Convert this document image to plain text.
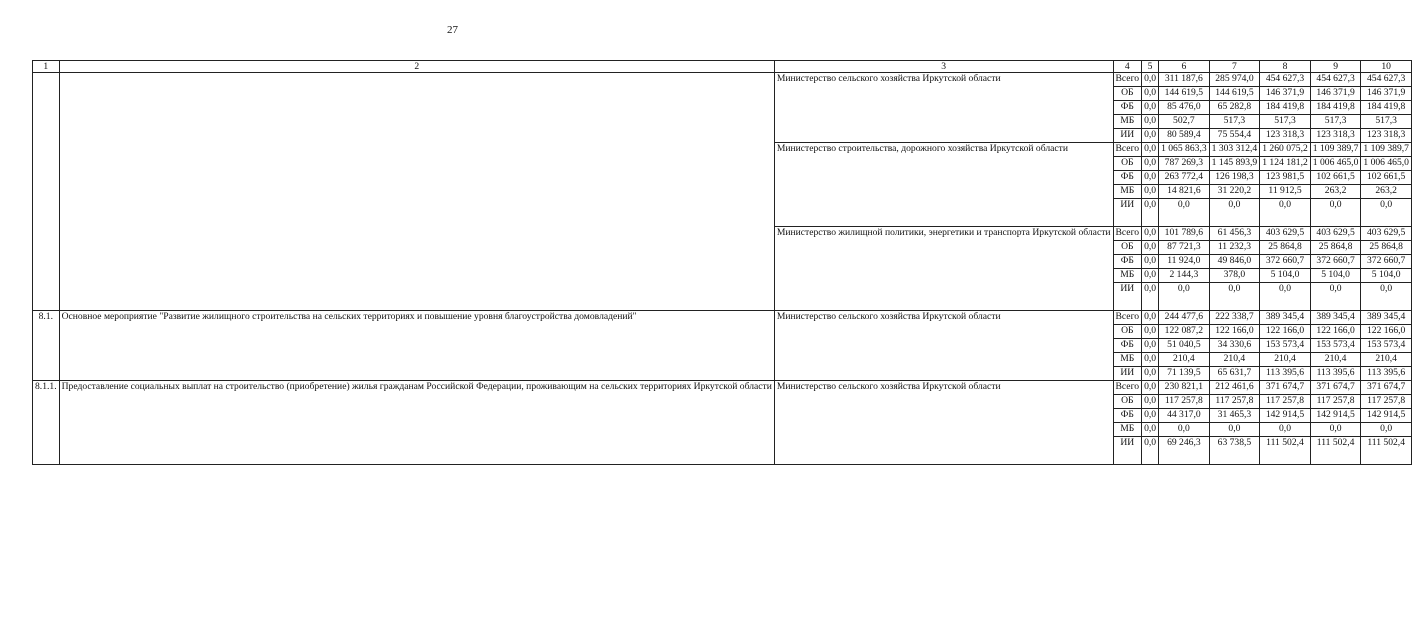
27
1	2	3	4	5	6	7	8	9	10
		Министерство сельского хозяйства Иркутской области	Всего	0,0	311 187,6	285 974,0	454 627,3	454 627,3	454 627,3
			ОБ	0,0	144 619,5	144 619,5	146 371,9	146 371,9	146 371,9
			ФБ	0,0	85 476,0	65 282,8	184 419,8	184 419,8	184 419,8
			МБ	0,0	502,7	517,3	517,3	517,3	517,3
			ИИ	0,0	80 589,4	75 554,4	123 318,3	123 318,3	123 318,3
		Министерство строительства, дорожного хозяйства Иркутской области	Всего	0,0	1 065 863,3	1 303 312,4	1 260 075,2	1 109 389,7	1 109 389,7
			ОБ	0,0	787 269,3	1 145 893,9	1 124 181,2	1 006 465,0	1 006 465,0
			ФБ	0,0	263 772,4	126 198,3	123 981,5	102 661,5	102 661,5
			МБ	0,0	14 821,6	31 220,2	11 912,5	263,2	263,2
			ИИ	0,0	0,0	0,0	0,0	0,0	0,0
		Министерство жилищной политики, энергетики и транспорта Иркутской области	Всего	0,0	101 789,6	61 456,3	403 629,5	403 629,5	403 629,5
			ОБ	0,0	87 721,3	11 232,3	25 864,8	25 864,8	25 864,8
			ФБ	0,0	11 924,0	49 846,0	372 660,7	372 660,7	372 660,7
			МБ	0,0	2 144,3	378,0	5 104,0	5 104,0	5 104,0
			ИИ	0,0	0,0	0,0	0,0	0,0	0,0
8.1.	Основное мероприятие "Развитие жилищного строительства на сельских территориях и повышение уровня благоустройства домовладений"	Министерство сельского хозяйства Иркутской области	Всего	0,0	244 477,6	222 338,7	389 345,4	389 345,4	389 345,4
			ОБ	0,0	122 087,2	122 166,0	122 166,0	122 166,0	122 166,0
			ФБ	0,0	51 040,5	34 330,6	153 573,4	153 573,4	153 573,4
			МБ	0,0	210,4	210,4	210,4	210,4	210,4
			ИИ	0,0	71 139,5	65 631,7	113 395,6	113 395,6	113 395,6
8.1.1.	Предоставление социальных выплат на строительство (приобретение) жилья гражданам Российской Федерации, проживающим на сельских территориях Иркутской области	Министерство сельского хозяйства Иркутской области	Всего	0,0	230 821,1	212 461,6	371 674,7	371 674,7	371 674,7
			ОБ	0,0	117 257,8	117 257,8	117 257,8	117 257,8	117 257,8
			ФБ	0,0	44 317,0	31 465,3	142 914,5	142 914,5	142 914,5
			МБ	0,0	0,0	0,0	0,0	0,0	0,0
			ИИ	0,0	69 246,3	63 738,5	111 502,4	111 502,4	111 502,4
